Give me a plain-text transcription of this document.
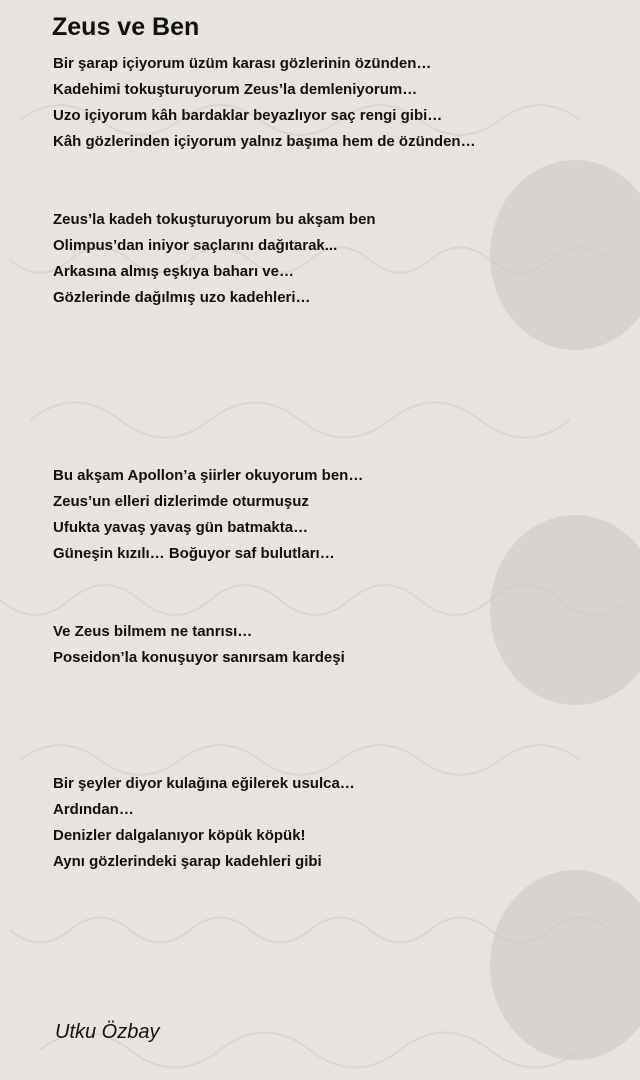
Zeus ve Ben
Bir şarap içiyorum üzüm karası gözlerinin özünden…
Kadehimi tokuşturuyorum Zeus’la demleniyorum…
Uzo içiyorum kâh bardaklar beyazlıyor saç rengi gibi…
Kâh gözlerinden içiyorum yalnız başıma hem de özünden…
Zeus’la kadeh tokuşturuyorum bu akşam ben
Olimpus’dan iniyor saçlarını dağıtarak...
Arkasına almış eşkıya baharı ve…
Gözlerinde dağılmış uzo kadehleri…
Bu akşam Apollon’a şiirler okuyorum ben…
Zeus’un elleri dizlerimde oturmuşuz
Ufukta yavaş yavaş gün batmakta…
Güneşin kızılı… Boğuyor saf bulutları…
Ve Zeus bilmem ne tanrısı…
Poseidon’la konuşuyor sanırsam kardeşi
Bir şeyler diyor kulağına eğilerek usulca…
Ardından…
Denizler dalgalanıyor köpük köpük!
Aynı gözlerindeki şarap kadehleri gibi
Utku Özbay
